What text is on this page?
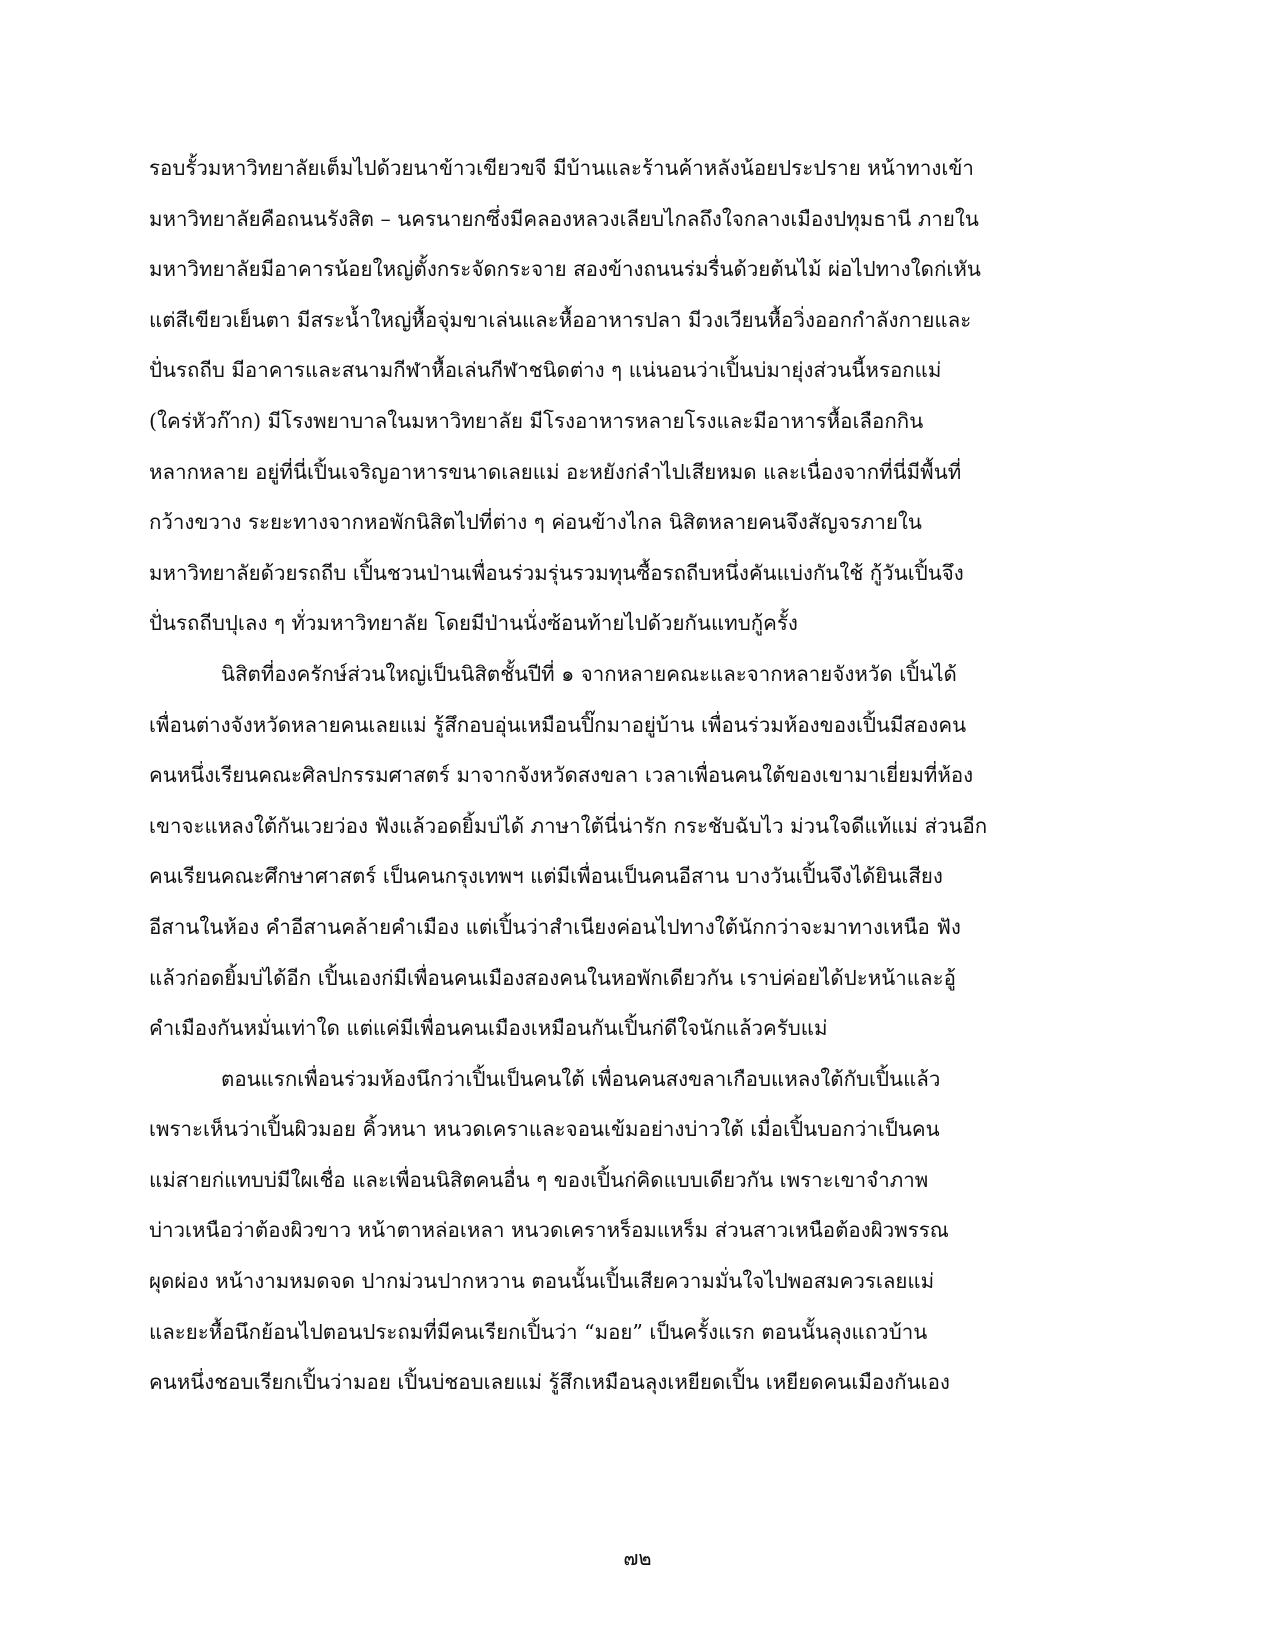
รอบรั้วมหาวิทยาลัยเต็มไปด้วยนาข้าวเขียวขจี มีบ้านและร้านค้าหลังน้อยประปราย หน้าทางเข้า
มหาวิทยาลัยคือถนนรังสิต – นครนายกซึ่งมีคลองหลวงเลียบไกลถึงใจกลางเมืองปทุมธานี ภายใน
มหาวิทยาลัยมีอาคารน้อยใหญ่ตั้งกระจัดกระจาย สองข้างถนนร่มรื่นด้วยต้นไม้ ผ่อไปทางใดก่เหัน
แต่สีเขียวเย็นตา มีสระน้ำใหญ่หื้อจุ่มขาเล่นและหื้ออาหารปลา มีวงเวียนหื้อวิ่งออกกำลังกายและ
ปั่นรถถีบ มีอาคารและสนามกีฬาหื้อเล่นกีฬาชนิดต่าง ๆ แน่นอนว่าเปิ้นบ่มายุ่งส่วนนี้หรอกแม่
(ใคร่หัวก๊าก) มีโรงพยาบาลในมหาวิทยาลัย มีโรงอาหารหลายโรงและมีอาหารหื้อเลือกกิน
หลากหลาย อยู่ที่นี่เปิ้นเจริญอาหารขนาดเลยแม่ อะหยังก่ลำไปเสียหมด และเนื่องจากที่นี่มีพื้นที่
กว้างขวาง ระยะทางจากหอพักนิสิตไปที่ต่าง ๆ ค่อนข้างไกล นิสิตหลายคนจึงสัญจรภายใน
มหาวิทยาลัยด้วยรถถีบ เปิ้นชวนป่านเพื่อนร่วมรุ่นรวมทุนซื้อรถถีบหนึ่งคันแบ่งกันใช้ กู้วันเปิ้นจึง
ปั่นรถถีบปุเลง ๆ ทั่วมหาวิทยาลัย โดยมีป่านนั่งซ้อนท้ายไปด้วยกันแทบกู้ครั้ง
นิสิตที่องครักษ์ส่วนใหญ่เป็นนิสิตชั้นปีที่ ๑ จากหลายคณะและจากหลายจังหวัด เปิ้นได้
เพื่อนต่างจังหวัดหลายคนเลยแม่ รู้สึกอบอุ่นเหมือนปิ๊กมาอยู่บ้าน เพื่อนร่วมห้องของเปิ้นมีสองคน
คนหนึ่งเรียนคณะศิลปกรรมศาสตร์ มาจากจังหวัดสงขลา เวลาเพื่อนคนใต้ของเขามาเยี่ยมที่ห้อง
เขาจะแหลงใต้กันเวยว่อง ฟังแล้วอดยิ้มบ่ได้ ภาษาใต้นี่น่ารัก กระชับฉับไว ม่วนใจดีแท้แม่ ส่วนอีก
คนเรียนคณะศึกษาศาสตร์ เป็นคนกรุงเทพฯ แต่มีเพื่อนเป็นคนอีสาน บางวันเปิ้นจึงได้ยินเสียง
อีสานในห้อง คำอีสานคล้ายคำเมือง แต่เปิ้นว่าสำเนียงค่อนไปทางใต้นักกว่าจะมาทางเหนือ ฟัง
แล้วก่อดยิ้มบ่ได้อีก เปิ้นเองก่มีเพื่อนคนเมืองสองคนในหอพักเดียวกัน เราบ่ค่อยได้ปะหน้าและอู้
คำเมืองกันหมั่นเท่าใด แต่แค่มีเพื่อนคนเมืองเหมือนกันเปิ้นก่ดีใจนักแล้วครับแม่
ตอนแรกเพื่อนร่วมห้องนึกว่าเปิ้นเป็นคนใต้ เพื่อนคนสงขลาเกือบแหลงใต้กับเปิ้นแล้ว
เพราะเห็นว่าเปิ้นผิวมอย คิ้วหนา หนวดเคราและจอนเข้มอย่างบ่าวใต้ เมื่อเปิ้นบอกว่าเป็นคน
แม่สายก่แทบบ่มีใผเชื่อ และเพื่อนนิสิตคนอื่น ๆ ของเปิ้นก่คิดแบบเดียวกัน เพราะเขาจำภาพ
บ่าวเหนือว่าต้องผิวขาว หน้าตาหล่อเหลา หนวดเคราหร็อมแหร็ม ส่วนสาวเหนือต้องผิวพรรณ
ผุดผ่อง หน้างามหมดจด ปากม่วนปากหวาน ตอนนั้นเปิ้นเสียความมั่นใจไปพอสมควรเลยแม่
และยะหื้อนึกย้อนไปตอนประถมที่มีคนเรียกเปิ้นว่า “มอย” เป็นครั้งแรก ตอนนั้นลุงแถวบ้าน
คนหนึ่งชอบเรียกเปิ้นว่ามอย เปิ้นบ่ชอบเลยแม่ รู้สึกเหมือนลุงเหยียดเปิ้น เหยียดคนเมืองกันเอง
๗๒
